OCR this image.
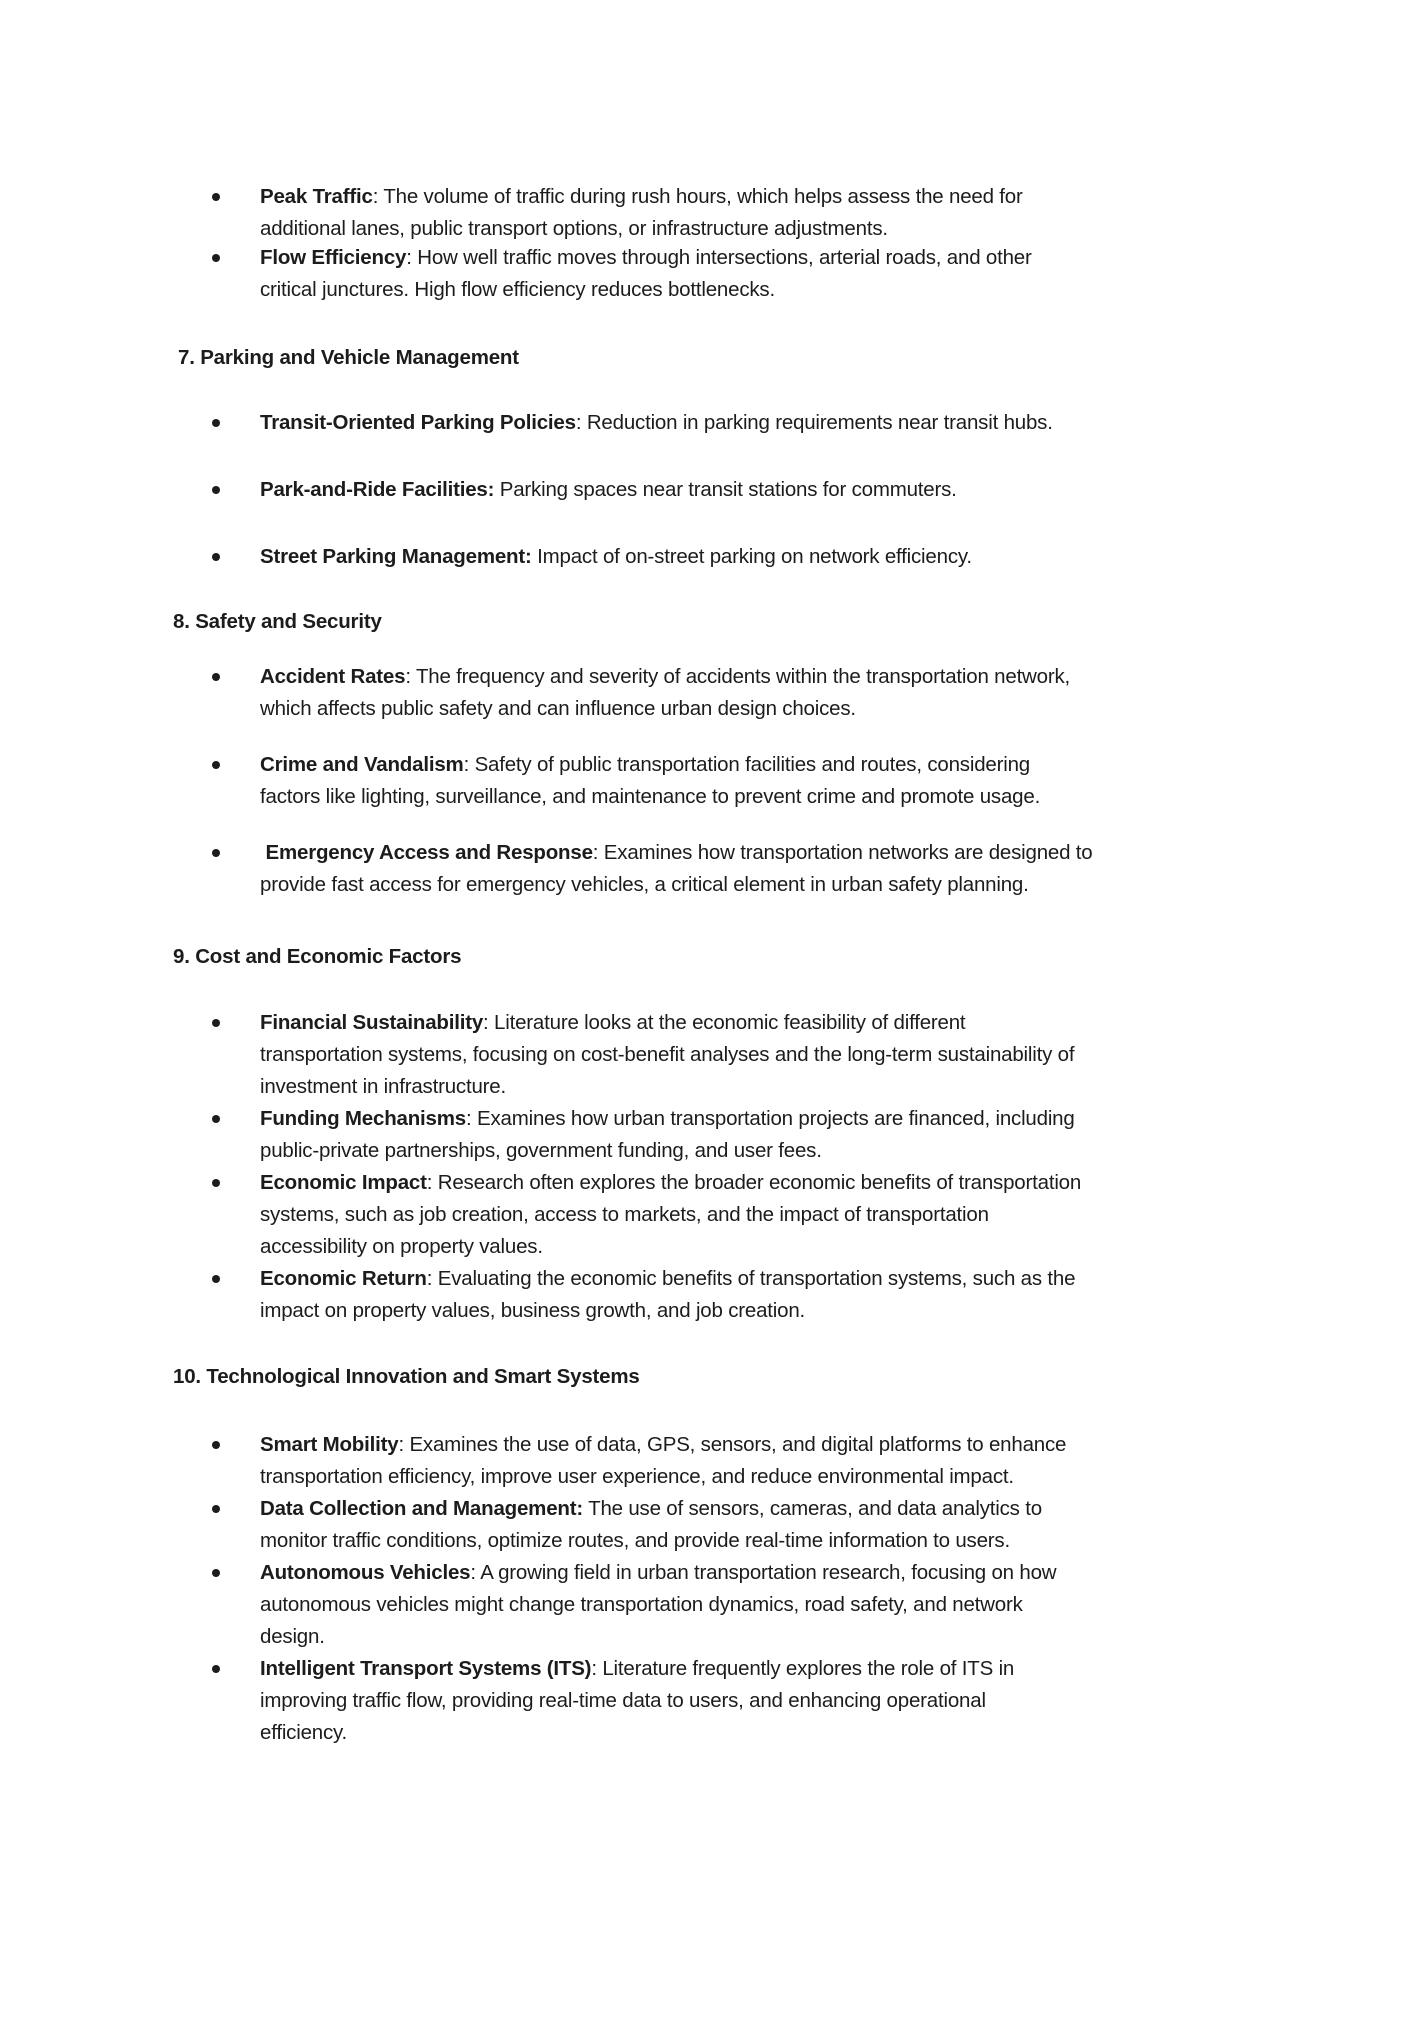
Peak Traffic: The volume of traffic during rush hours, which helps assess the need for
additional lanes, public transport options, or infrastructure adjustments.
Flow Efficiency: How well traffic moves through intersections, arterial roads, and other
critical junctures. High flow efficiency reduces bottlenecks.
7. Parking and Vehicle Management
Transit-Oriented Parking Policies: Reduction in parking requirements near transit hubs.
Park-and-Ride Facilities: Parking spaces near transit stations for commuters.
Street Parking Management: Impact of on-street parking on network efficiency.
8. Safety and Security
Accident Rates: The frequency and severity of accidents within the transportation network,
which affects public safety and can influence urban design choices.
Crime and Vandalism: Safety of public transportation facilities and routes, considering
factors like lighting, surveillance, and maintenance to prevent crime and promote usage.
Emergency Access and Response: Examines how transportation networks are designed to
provide fast access for emergency vehicles, a critical element in urban safety planning.
9. Cost and Economic Factors
Financial Sustainability: Literature looks at the economic feasibility of different
transportation systems, focusing on cost-benefit analyses and the long-term sustainability of
investment in infrastructure.
Funding Mechanisms: Examines how urban transportation projects are financed, including
public-private partnerships, government funding, and user fees.
Economic Impact: Research often explores the broader economic benefits of transportation
systems, such as job creation, access to markets, and the impact of transportation
accessibility on property values.
Economic Return: Evaluating the economic benefits of transportation systems, such as the
impact on property values, business growth, and job creation.
10. Technological Innovation and Smart Systems
Smart Mobility: Examines the use of data, GPS, sensors, and digital platforms to enhance
transportation efficiency, improve user experience, and reduce environmental impact.
Data Collection and Management: The use of sensors, cameras, and data analytics to
monitor traffic conditions, optimize routes, and provide real-time information to users.
Autonomous Vehicles: A growing field in urban transportation research, focusing on how
autonomous vehicles might change transportation dynamics, road safety, and network
design.
Intelligent Transport Systems (ITS): Literature frequently explores the role of ITS in
improving traffic flow, providing real-time data to users, and enhancing operational
efficiency.
